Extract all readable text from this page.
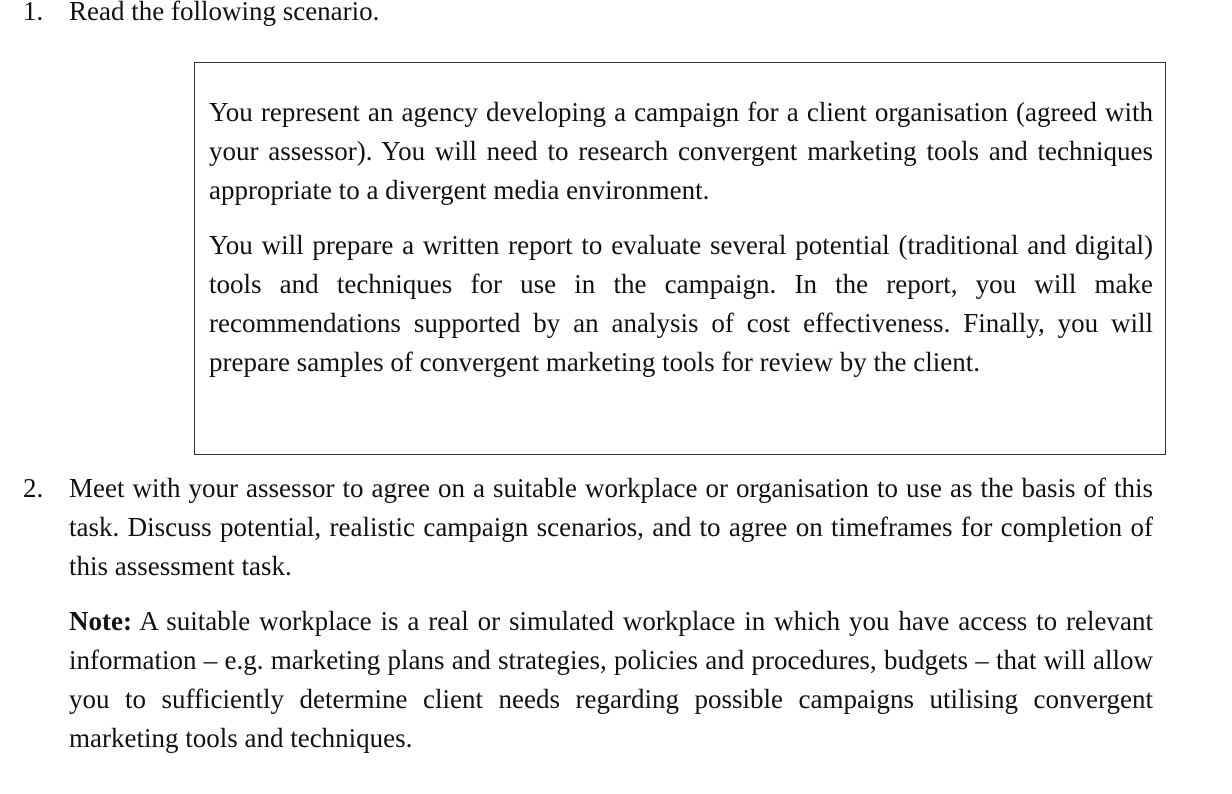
1. Read the following scenario.

You represent an agency developing a campaign for a client organisation (agreed with your assessor). You will need to research convergent marketing tools and techniques appropriate to a divergent media environment.

You will prepare a written report to evaluate several potential (traditional and digital) tools and techniques for use in the campaign. In the report, you will make recommendations supported by an analysis of cost effectiveness. Finally, you will prepare samples of convergent marketing tools for review by the client.

2. Meet with your assessor to agree on a suitable workplace or organisation to use as the basis of this task. Discuss potential, realistic campaign scenarios, and to agree on timeframes for completion of this assessment task.

Note: A suitable workplace is a real or simulated workplace in which you have access to relevant information – e.g. marketing plans and strategies, policies and procedures, budgets – that will allow you to sufficiently determine client needs regarding possible campaigns utilising convergent marketing tools and techniques.
